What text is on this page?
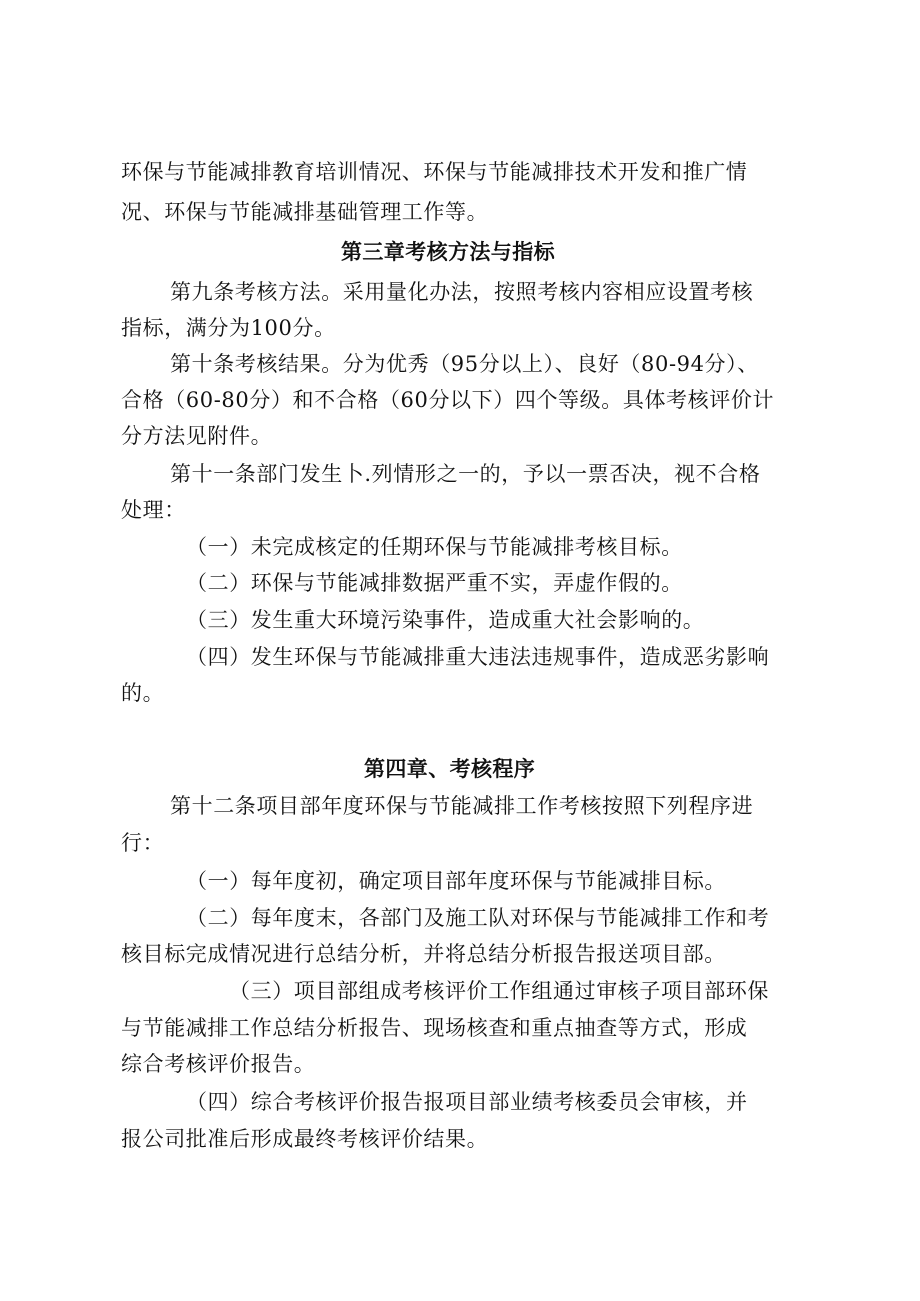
环保与节能减排教育培训情况、环保与节能减排技术开发和推广情
况、环保与节能减排基础管理工作等。
第三章考核方法与指标
第九条考核方法。采用量化办法，按照考核内容相应设置考核
指标，满分为100分。
第十条考核结果。分为优秀（95分以上）、良好（80-94分）、
合格（60-80分）和不合格（60分以下）四个等级。具体考核评价计
分方法见附件。
第十一条部门发生卜.列情形之一的，予以一票否决，视不合格
处理：
（一）未完成核定的任期环保与节能减排考核目标。
（二）环保与节能减排数据严重不实，弄虚作假的。
（三）发生重大环境污染事件，造成重大社会影响的。
（四）发生环保与节能减排重大违法违规事件，造成恶劣影响
的。
第四章、考核程序
第十二条项目部年度环保与节能减排工作考核按照下列程序进
行：
（一）每年度初，确定项目部年度环保与节能减排目标。
（二）每年度末，各部门及施工队对环保与节能减排工作和考
核目标完成情况进行总结分析，并将总结分析报告报送项目部。
（三）项目部组成考核评价工作组通过审核子项目部环保
与节能减排工作总结分析报告、现场核查和重点抽查等方式，形成
综合考核评价报告。
（四）综合考核评价报告报项目部业绩考核委员会审核，并
报公司批准后形成最终考核评价结果。
